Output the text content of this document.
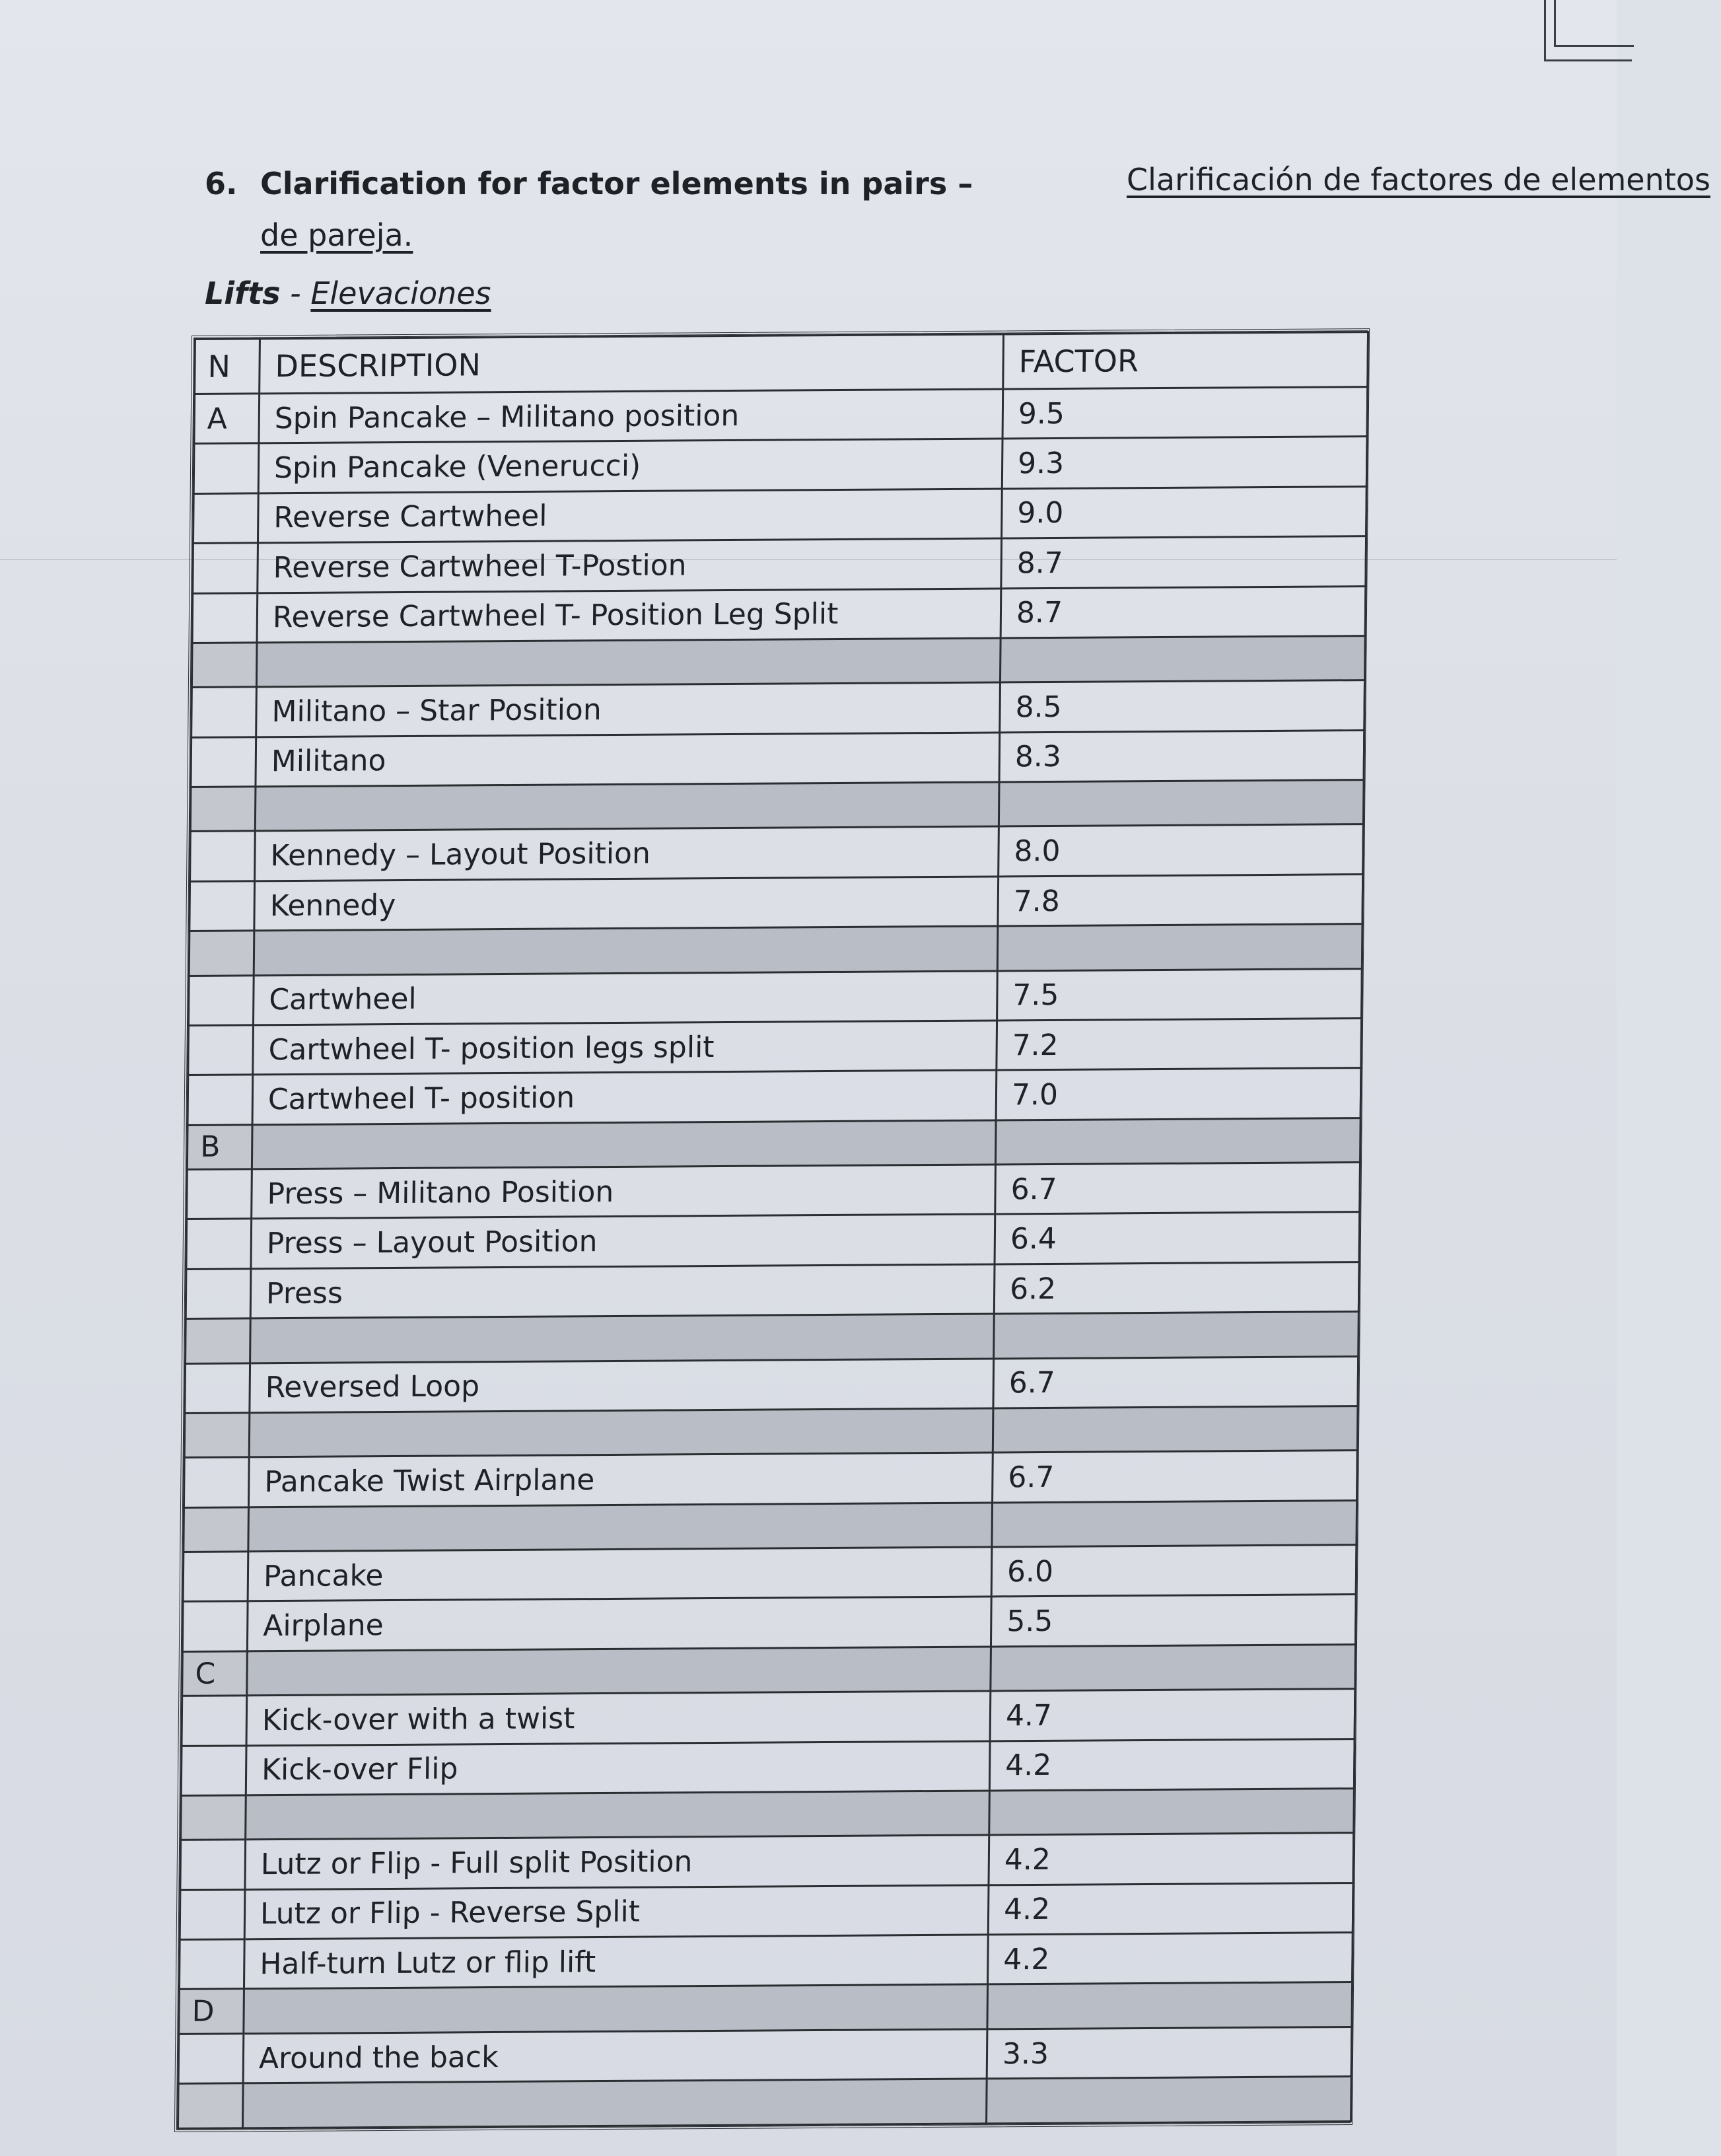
6. Clarification for factor elements in pairs –	Clarificación de factores de elementos
de pareja.
Lifts - Elevaciones
N	DESCRIPTION	FACTOR
A	Spin Pancake – Militano position	9.5
	Spin Pancake (Venerucci)	9.3
	Reverse Cartwheel	9.0
	Reverse Cartwheel T-Postion	8.7
	Reverse Cartwheel T- Position Leg Split	8.7

	Militano – Star Position	8.5
	Militano	8.3

	Kennedy – Layout Position	8.0
	Kennedy	7.8

	Cartwheel	7.5
	Cartwheel T- position legs split	7.2
	Cartwheel T- position	7.0
B		
	Press – Militano Position	6.7
	Press – Layout Position	6.4
	Press	6.2

	Reversed Loop	6.7

	Pancake Twist Airplane	6.7

	Pancake	6.0
	Airplane	5.5
C		
	Kick-over with a twist	4.7
	Kick-over Flip	4.2

	Lutz or Flip - Full split Position	4.2
	Lutz or Flip - Reverse Split	4.2
	Half-turn Lutz or flip lift	4.2
D		
	Around the back	3.3
